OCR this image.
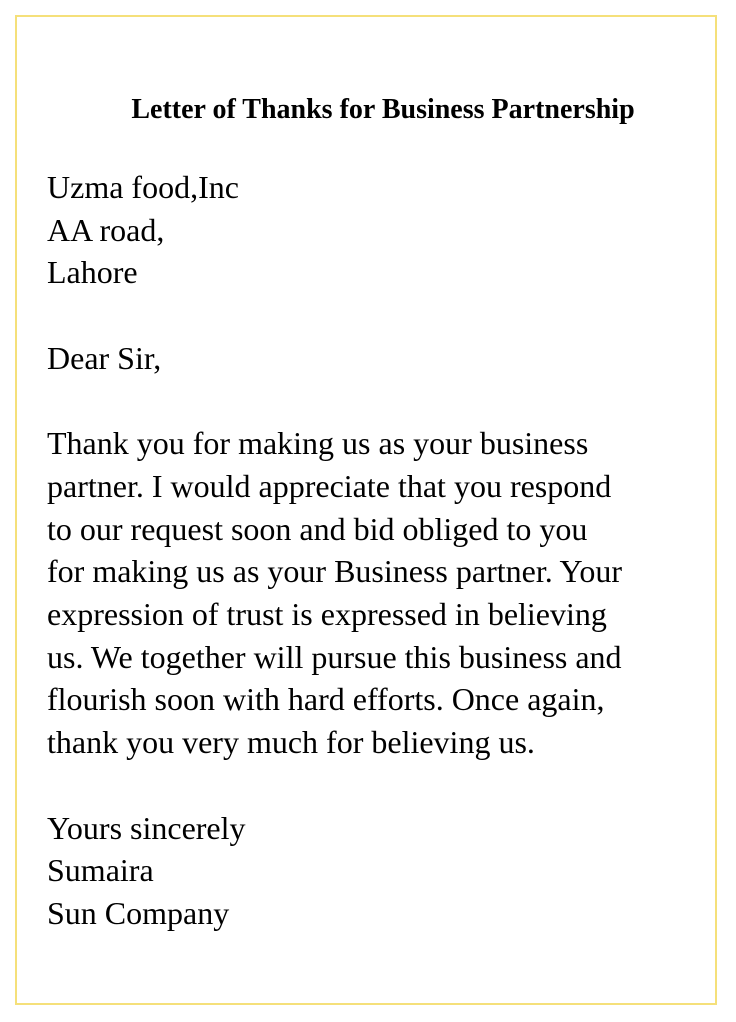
Letter of Thanks for Business Partnership
Uzma food,Inc
AA road,
Lahore
Dear Sir,
Thank you for making us as your business
partner. I would appreciate that you respond
to our request soon and bid obliged to you
for making us as your Business partner. Your
expression of trust is expressed in believing
us. We together will pursue this business and
flourish soon with hard efforts. Once again,
thank you very much for believing us.
Yours sincerely
Sumaira
Sun Company
